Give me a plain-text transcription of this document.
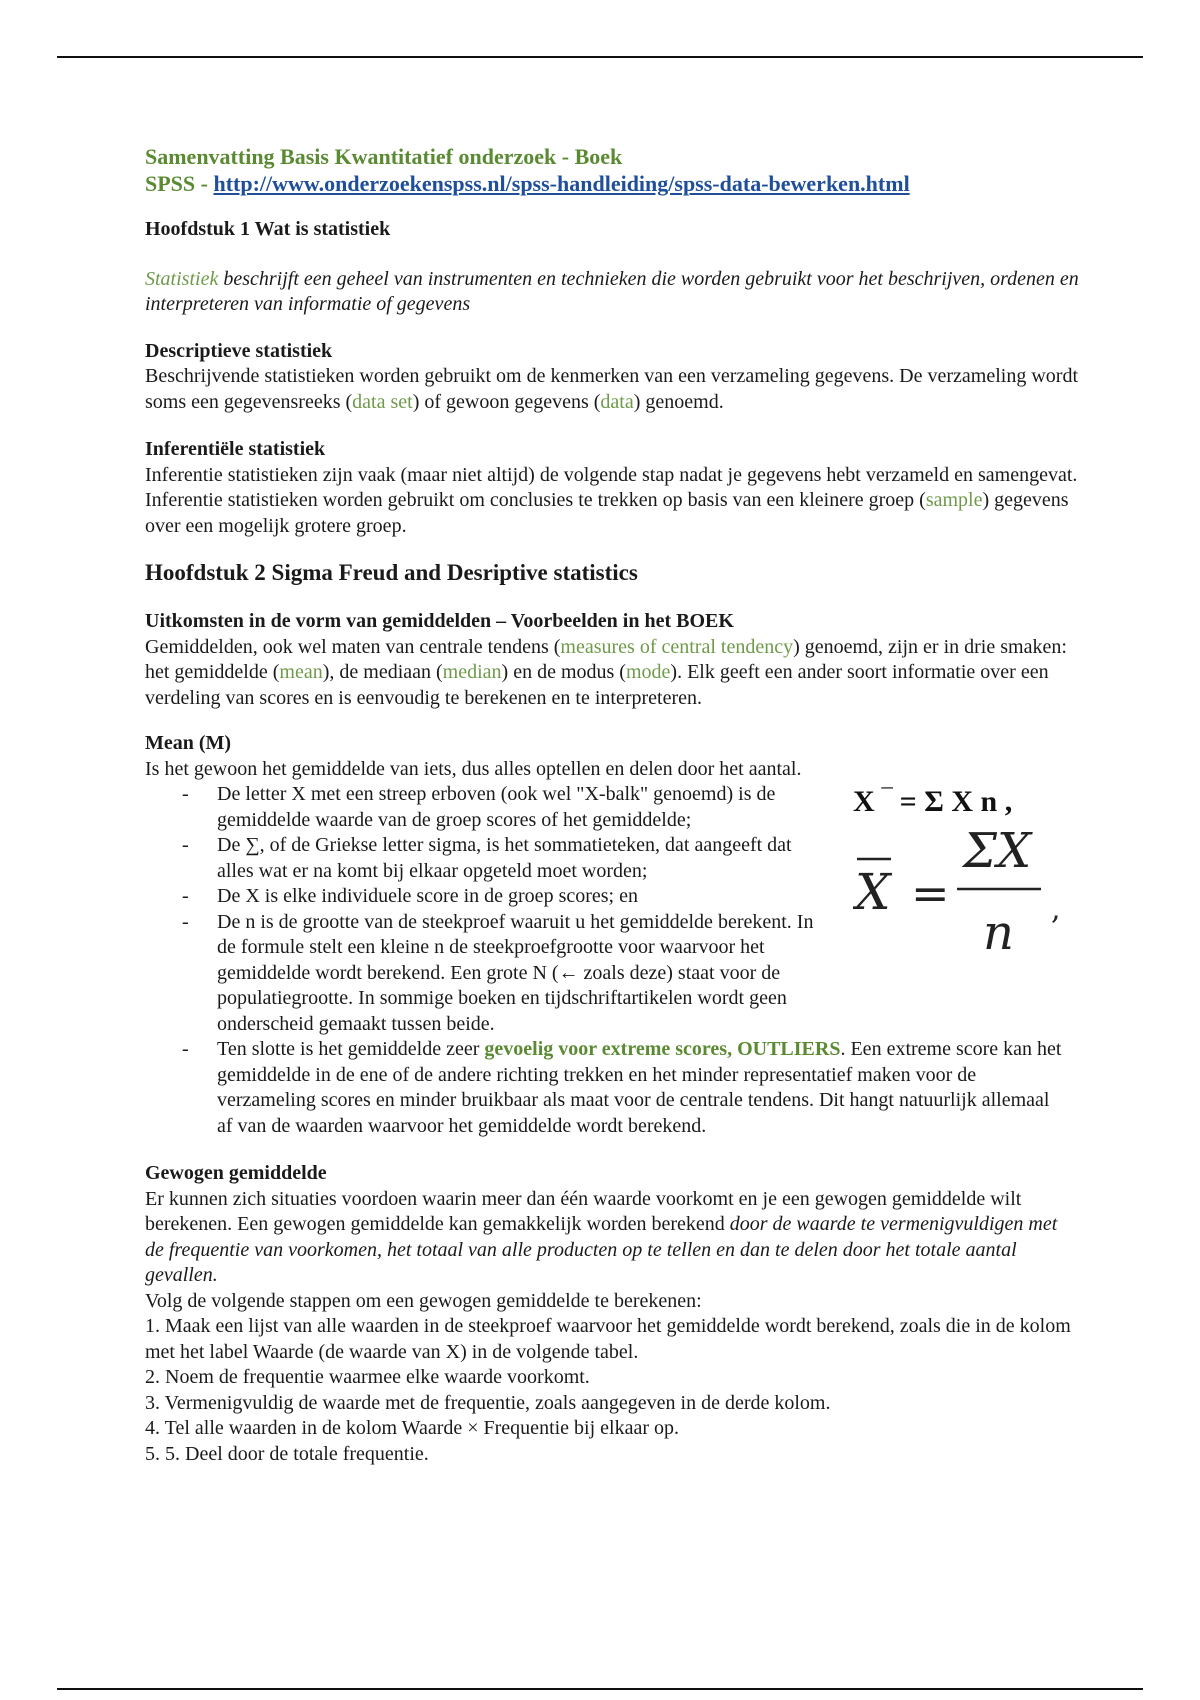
Samenvatting Basis Kwantitatief onderzoek - Boek

SPSS - http://www.onderzoekenspss.nl/spss-handleiding/spss-data-bewerken.html

Hoofdstuk 1 Wat is statistiek

Statistiek beschrijft een geheel van instrumenten en technieken die worden gebruikt voor het beschrijven, ordenen en interpreteren van informatie of gegevens

Descriptieve statistiek

Beschrijvende statistieken worden gebruikt om de kenmerken van een verzameling gegevens. De verzameling wordt soms een gegevensreeks (data set) of gewoon gegevens (data) genoemd.

Inferentiële statistiek

Inferentie statistieken zijn vaak (maar niet altijd) de volgende stap nadat je gegevens hebt verzameld en samengevat. Inferentie statistieken worden gebruikt om conclusies te trekken op basis van een kleinere groep (sample) gegevens over een mogelijk grotere groep.

Hoofdstuk 2 Sigma Freud and Desriptive statistics

Uitkomsten in de vorm van gemiddelden – Voorbeelden in het BOEK

Gemiddelden, ook wel maten van centrale tendens (measures of central tendency) genoemd, zijn er in drie smaken: het gemiddelde (mean), de mediaan (median) en de modus (mode). Elk geeft een ander soort informatie over een verdeling van scores en is eenvoudig te berekenen en te interpreteren.

Mean (M)

Is het gewoon het gemiddelde van iets, dus alles optellen en delen door het aantal.

- De letter X met een streep erboven (ook wel "X-balk" genoemd) is de gemiddelde waarde van de groep scores of het gemiddelde;
- De ∑, of de Griekse letter sigma, is het sommatieteken, dat aangeeft dat alles wat er na komt bij elkaar opgeteld moet worden;
- De X is elke individuele score in de groep scores; en
- De n is de grootte van de steekproef waaruit u het gemiddelde berekent. In de formule stelt een kleine n de steekproefgrootte voor waarvoor het gemiddelde wordt berekend. Een grote N (← zoals deze) staat voor de populatiegrootte. In sommige boeken en tijdschriftartikelen wordt geen onderscheid gemaakt tussen beide.
- Ten slotte is het gemiddelde zeer gevoelig voor extreme scores, OUTLIERS. Een extreme score kan het gemiddelde in de ene of de andere richting trekken en het minder representatief maken voor de verzameling scores en minder bruikbaar als maat voor de centrale tendens. Dit hangt natuurlijk allemaal af van de waarden waarvoor het gemiddelde wordt berekend.
X ‾ = Σ X n ,
X =
ΣX
n ,

Gewogen gemiddelde

Er kunnen zich situaties voordoen waarin meer dan één waarde voorkomt en je een gewogen gemiddelde wilt berekenen. Een gewogen gemiddelde kan gemakkelijk worden berekend door de waarde te vermenigvuldigen met de frequentie van voorkomen, het totaal van alle producten op te tellen en dan te delen door het totale aantal gevallen.

Volg de volgende stappen om een gewogen gemiddelde te berekenen:

1. Maak een lijst van alle waarden in de steekproef waarvoor het gemiddelde wordt berekend, zoals die in de kolom met het label Waarde (de waarde van X) in de volgende tabel.

2. Noem de frequentie waarmee elke waarde voorkomt.

3. Vermenigvuldig de waarde met de frequentie, zoals aangegeven in de derde kolom.

4. Tel alle waarden in de kolom Waarde × Frequentie bij elkaar op.

5. 5. Deel door de totale frequentie.
